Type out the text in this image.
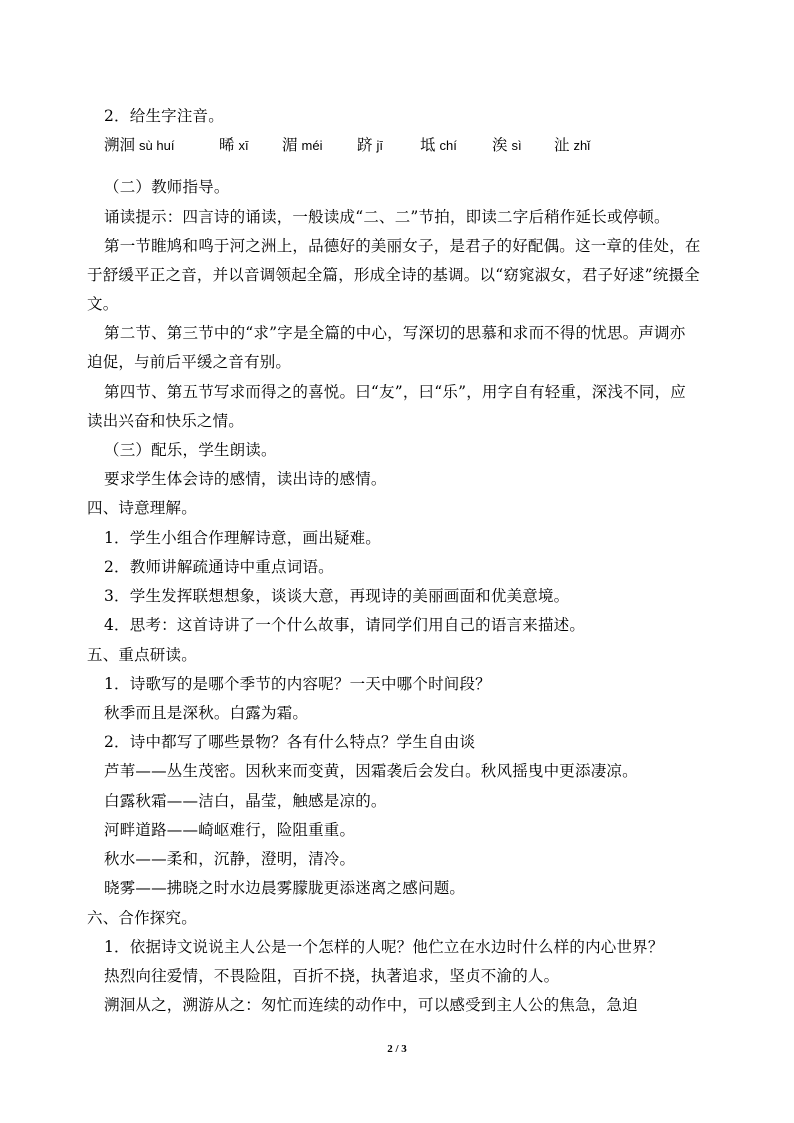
2．给生字注音。
溯洄 sù huí	晞 xī 湄 méi 跻 jī 坻 chí 涘 sì 沚 zhǐ
（二）教师指导。
诵读提示：四言诗的诵读，一般读成“二、二”节拍，即读二字后稍作延长或停顿。
第一节睢鸠和鸣于河之洲上，品德好的美丽女子，是君子的好配偶。这一章的佳处，在
于舒缓平正之音，并以音调领起全篇，形成全诗的基调。以“窈窕淑女，君子好逑”统摄全
文。
第二节、第三节中的“求”字是全篇的中心，写深切的思慕和求而不得的忧思。声调亦
迫促，与前后平缓之音有别。
第四节、第五节写求而得之的喜悦。曰“友”，曰“乐”，用字自有轻重，深浅不同，应
读出兴奋和快乐之情。
（三）配乐，学生朗读。
要求学生体会诗的感情，读出诗的感情。
四、诗意理解。
1．学生小组合作理解诗意，画出疑难。
2．教师讲解疏通诗中重点词语。
3．学生发挥联想想象，谈谈大意，再现诗的美丽画面和优美意境。
4．思考：这首诗讲了一个什么故事，请同学们用自己的语言来描述。
五、重点研读。
1．诗歌写的是哪个季节的内容呢？一天中哪个时间段？
秋季而且是深秋。白露为霜。
2．诗中都写了哪些景物？各有什么特点？学生自由谈
芦苇——丛生茂密。因秋来而变黄，因霜袭后会发白。秋风摇曳中更添凄凉。
白露秋霜——洁白，晶莹，触感是凉的。
河畔道路——崎岖难行，险阻重重。
秋水——柔和，沉静，澄明，清冷。
晓雾——拂晓之时水边晨雾朦胧更添迷离之感问题。
六、合作探究。
1．依据诗文说说主人公是一个怎样的人呢？他伫立在水边时什么样的内心世界？
热烈向往爱情，不畏险阻，百折不挠，执著追求，坚贞不渝的人。
溯洄从之，溯游从之：匆忙而连续的动作中，可以感受到主人公的焦急，急迫
2 / 3
